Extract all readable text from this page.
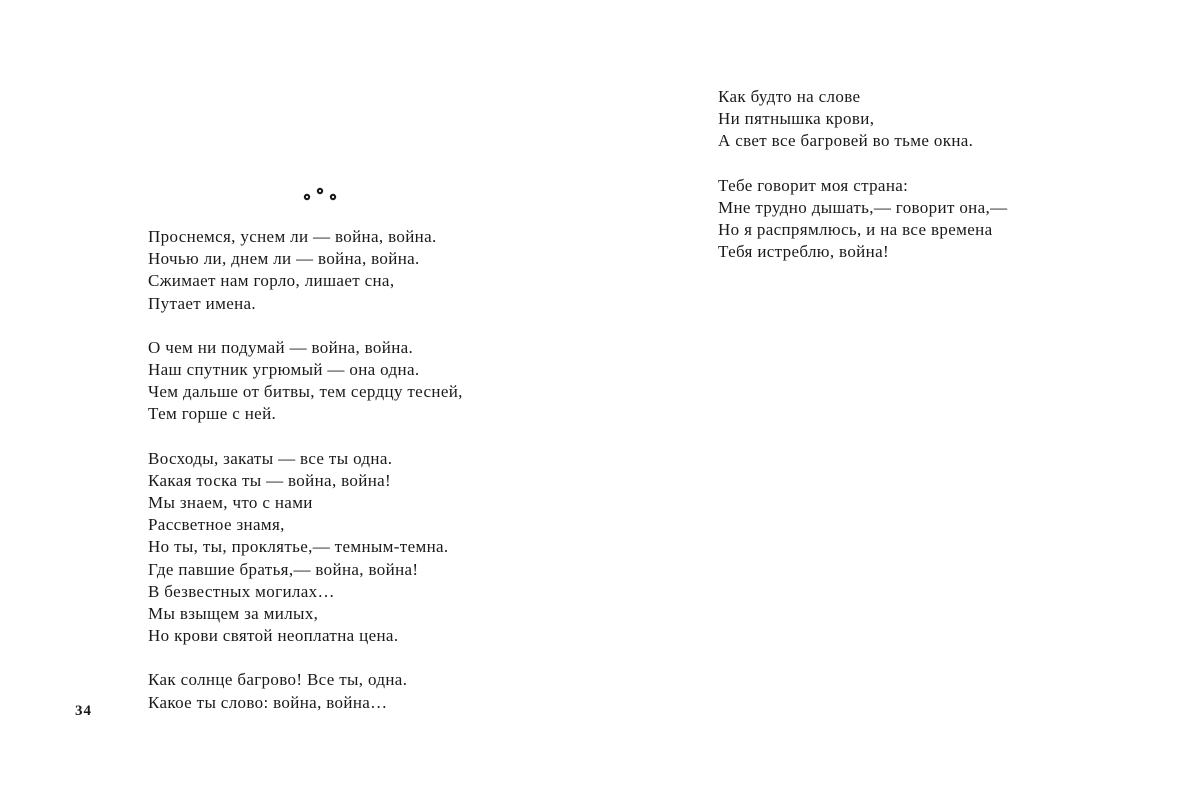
Проснемся, уснем ли — война, война.
Ночью ли, днем ли — война, война.
Сжимает нам горло, лишает сна,
Путает имена.
О чем ни подумай — война, война.
Наш спутник угрюмый — она одна.
Чем дальше от битвы, тем сердцу тесней,
Тем горше с ней.
Восходы, закаты — все ты одна.
Какая тоска ты — война, война!
Мы знаем, что с нами
Рассветное знамя,
Но ты, ты, проклятье,— темным-темна.
Где павшие братья,— война, война!
В безвестных могилах…
Мы взыщем за милых,
Но крови святой неоплатна цена.
Как солнце багрово! Все ты, одна.
Какое ты слово: война, война…
34
Как будто на слове
Ни пятнышка крови,
А свет все багровей во тьме окна.
Тебе говорит моя страна:
Мне трудно дышать,— говорит она,—
Но я распрямлюсь, и на все времена
Тебя истреблю, война!
